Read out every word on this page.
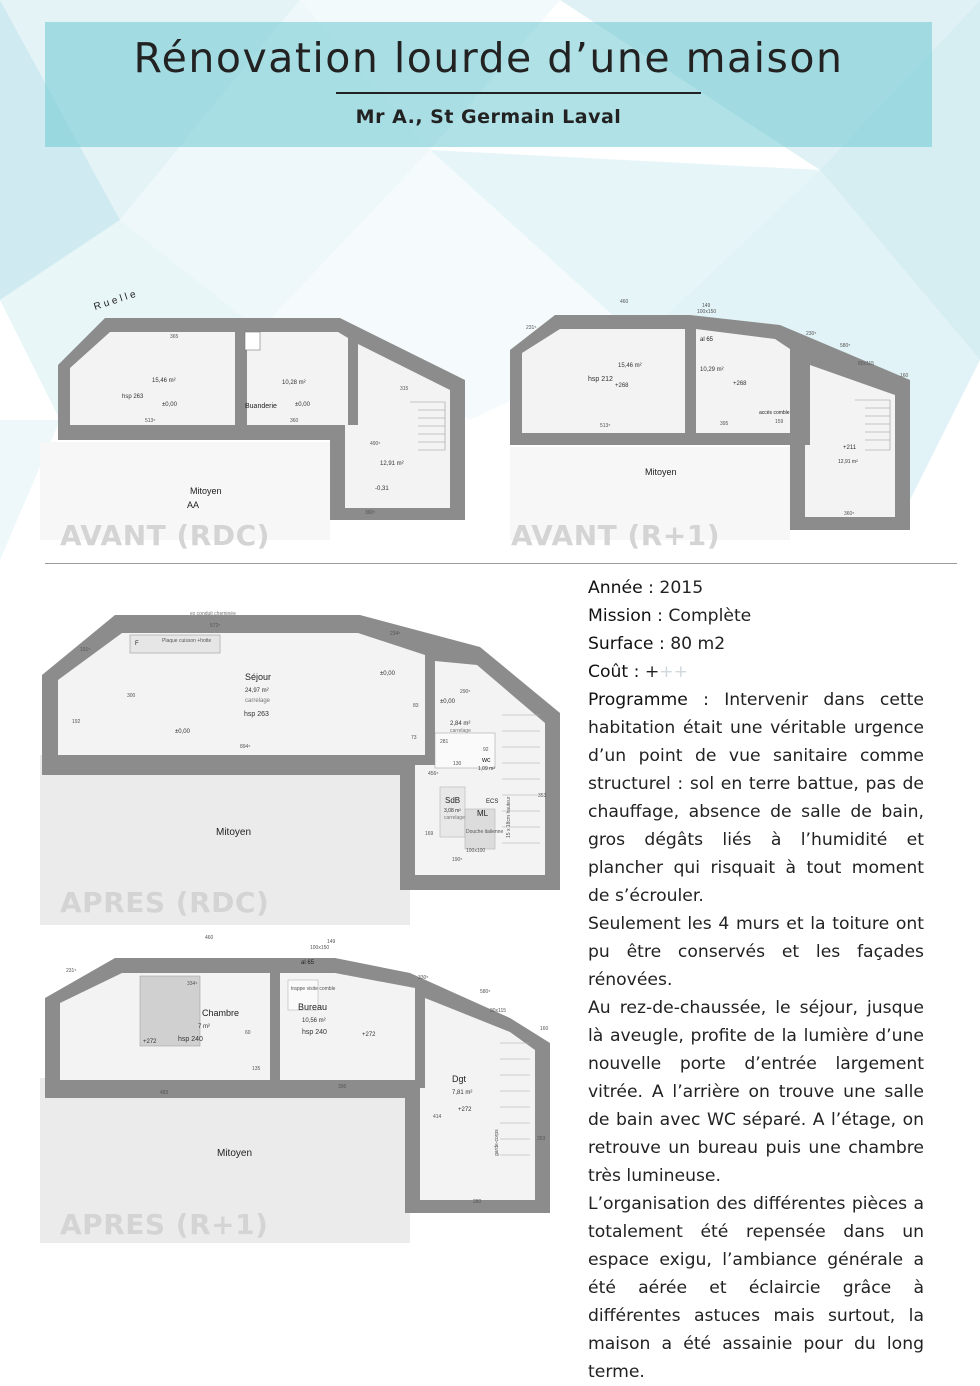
Rénovation lourde d’une maison
Mr A., St Germain Laval
Ruelle
15,46 m²
hsp 263
±0,00
10,28 m²
Buanderie	±0,00
12,91 m²
-0,31
365
513⁵	360
360⁵
490⁵
315
Mitoyen
AA
AVANT (RDC)
460
149
100x150
231⁵
230⁵
580⁵
80x115
160
al 65
15,46 m²
hsp 212
+268
10,29 m²
+268
accès comble
+211
12,91 m²
513⁵	395	159
360⁵
Mitoyen
AVANT (R+1)
ex conduit cheminée
572⁵
234⁵
191⁵
290⁵
F	Plaque cuisson +hotte
Séjour
24,97 m²
carrelage
hsp 263
±0,00
±0,00
300
192
894⁵
73
83
±0,00
2,84 m²
carrelage
281
92
130	wc
1,09 m²
456⁵
SdB
3,08 m²
carrelage
ECS
ML
Douche italienne
100x100
169
190⁵
353
15 x 18cm hauteur
Mitoyen
APRES (RDC)
460
149
100x150
231⁵
330⁵
580⁵
90x115
160
al 65
334⁵
Chambre
7 m²
hsp 240
+272
trappe visite comble
60
135
Bureau
10,56 m²
hsp 240	+272
483
395
Dgt
7,81 m²
+272
414
280
353
garde-corps
Mitoyen
APRES (R+1)

Année : 2015

Mission : Complète

Surface : 80 m2

Coût : +++

Programme : Intervenir dans cette habitation était une véritable urgence d’un point de vue sanitaire comme structurel : sol en terre battue, pas de chauffage, absence de salle de bain, gros dégâts liés à l’humidité et plancher qui risquait à tout moment de s’écrouler.

Seulement les 4 murs et la toiture ont pu être conservés et les façades rénovées.

Au rez-de-chaussée, le séjour, jusque là aveugle, profite de la lumière d’une nouvelle porte d’entrée largement vitrée. A l’arrière on trouve une salle de bain avec WC séparé. A l’étage, on retrouve un bureau puis une chambre très lumineuse.

L’organisation des différentes pièces a totalement été repensée dans un espace exigu, l’ambiance générale a été aérée et éclaircie grâce à différentes astuces mais surtout, la maison a été assainie pour du long terme.
